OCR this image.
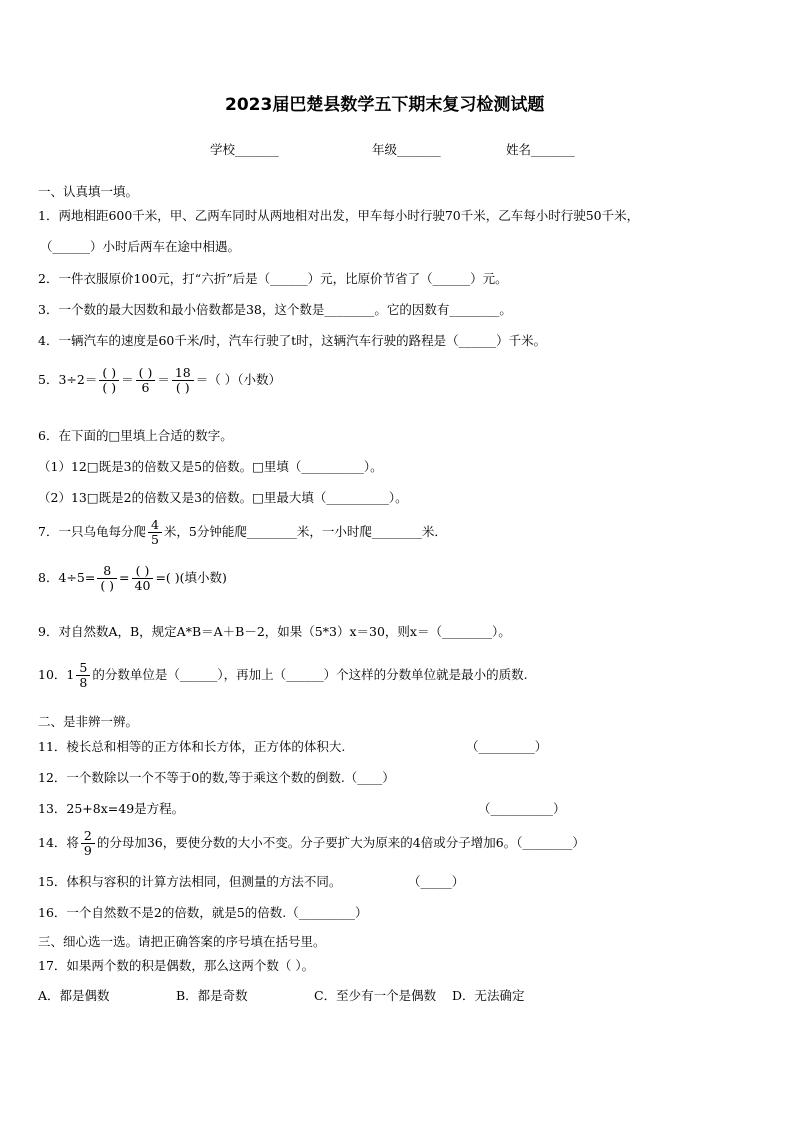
2023届巴楚县数学五下期末复习检测试题
学校_______	年级_______	姓名_______
一、认真填一填。
1．两地相距600千米，甲、乙两车同时从两地相对出发，甲车每小时行驶70千米，乙车每小时行驶50千米，
（______）小时后两车在途中相遇。
2．一件衣服原价100元，打“六折”后是（______）元，比原价节省了（______）元。
3．一个数的最大因数和最小倍数都是38，这个数是________。它的因数有________。
4．一辆汽车的速度是60千米/时，汽车行驶了t时，这辆汽车行驶的路程是（______）千米。
5．$3\div 2= \frac{( )}{( )} = \frac{( )}{6} = \frac{18}{( )}$ ＝（ ）（小数）
6．在下面的□里填上合适的数字。
（1）12□既是3的倍数又是5的倍数。□里填（__________）。
（2）13□既是2的倍数又是3的倍数。□里最大填（__________）。
7．一只乌龟每分爬 $\frac{4}{5}$ 米，5分钟能爬________米，一小时爬________米．
8．$4\div 5= \frac{8}{( )} = \frac{( )}{40}$ =( )(填小数)
9．对自然数A，B，规定A*B＝A＋B－2，如果（5*3）x＝30，则x＝（________）。
10．$1 \frac{5}{8}$ 的分数单位是（______），再加上（______）个这样的分数单位就是最小的质数.
二、是非辨一辨。
11．棱长总和相等的正方体和长方体，正方体的体积大.	（_________）
12．一个数除以一个不等于0的数,等于乘这个数的倒数.（____）
13．25+8x=49是方程。	（__________）
14．将 $\frac{2}{9}$ 的分母加36，要使分数的大小不变。分子要扩大为原来的4倍或分子增加6。（________）
15．体积与容积的计算方法相同，但测量的方法不同。	（_____）
16．一个自然数不是2的倍数，就是5的倍数.（_________）
三、细心选一选。请把正确答案的序号填在括号里。
17．如果两个数的积是偶数，那么这两个数（ ）。
A．都是偶数	B．都是奇数	C．至少有一个是偶数 D．无法确定
